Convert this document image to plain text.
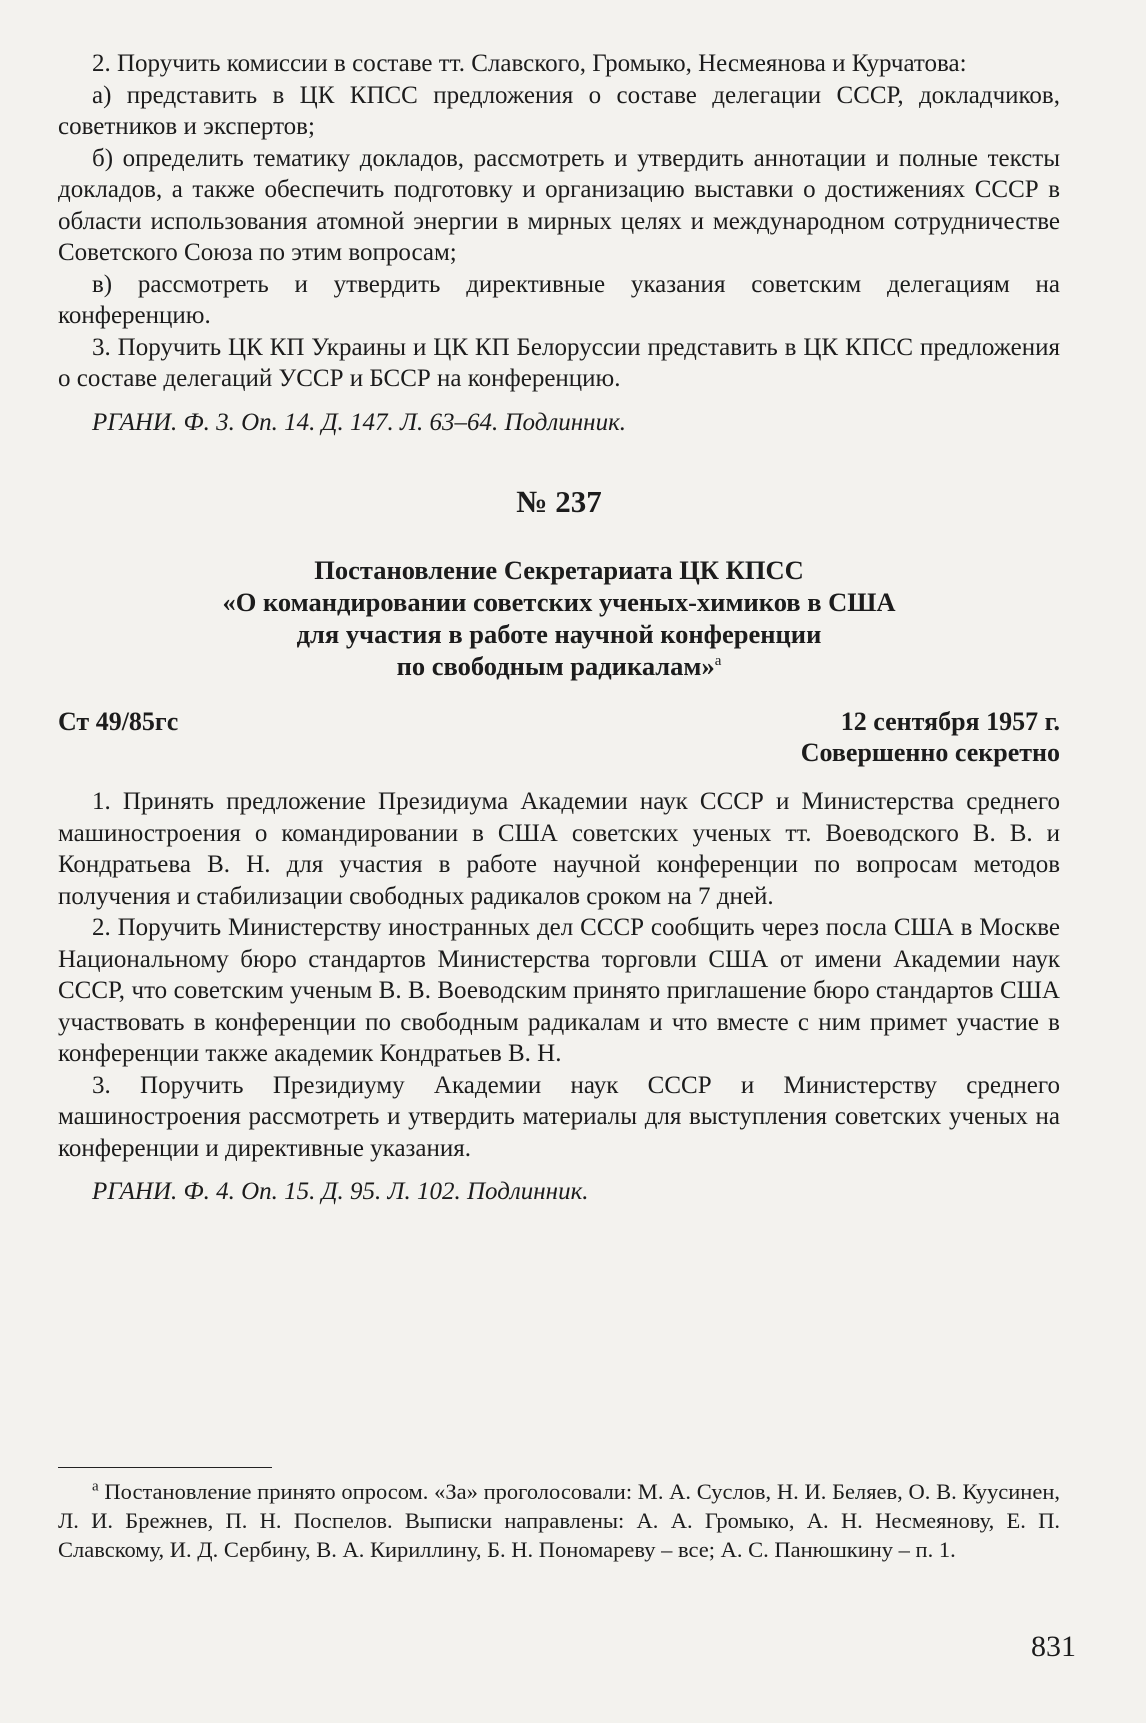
2. Поручить комиссии в составе тт. Славского, Громыко, Несмеянова и Курчатова:

а) представить в ЦК КПСС предложения о составе делегации СССР, докладчиков, советников и экспертов;

б) определить тематику докладов, рассмотреть и утвердить аннотации и полные тексты докладов, а также обеспечить подготовку и организацию выставки о достижениях СССР в области использования атомной энергии в мирных целях и международном сотрудничестве Советского Союза по этим вопросам;

в) рассмотреть и утвердить директивные указания советским делегациям на конференцию.

3. Поручить ЦК КП Украины и ЦК КП Белоруссии представить в ЦК КПСС предложения о составе делегаций УССР и БССР на конференцию.

РГАНИ. Ф. 3. Оп. 14. Д. 147. Л. 63–64. Подлинник.

№ 237
Постановление Секретариата ЦК КПСС
«О командировании советских ученых-химиков в США
для участия в работе научной конференции
по свободным радикалам»$^а$
Ст 49/85гс	12 сентября 1957 г.
Совершенно секретно

1. Принять предложение Президиума Академии наук СССР и Министерства среднего машиностроения о командировании в США советских ученых тт. Воеводского В. В. и Кондратьева В. Н. для участия в работе научной конференции по вопросам методов получения и стабилизации свободных радикалов сроком на 7 дней.

2. Поручить Министерству иностранных дел СССР сообщить через посла США в Москве Национальному бюро стандартов Министерства торговли США от имени Академии наук СССР, что советским ученым В. В. Воеводским принято приглашение бюро стандартов США участвовать в конференции по свободным радикалам и что вместе с ним примет участие в конференции также академик Кондратьев В. Н.

3. Поручить Президиуму Академии наук СССР и Министерству среднего машиностроения рассмотреть и утвердить материалы для выступления советских ученых на конференции и директивные указания.

РГАНИ. Ф. 4. Оп. 15. Д. 95. Л. 102. Подлинник.

$^а$ Постановление принято опросом. «За» проголосовали: М. А. Суслов, Н. И. Беляев, О. В. Куусинен, Л. И. Брежнев, П. Н. Поспелов. Выписки направлены: А. А. Громыко, А. Н. Несмеянову, Е. П. Славскому, И. Д. Сербину, В. А. Кириллину, Б. Н. Пономареву – все; А. С. Панюшкину – п. 1.
831
